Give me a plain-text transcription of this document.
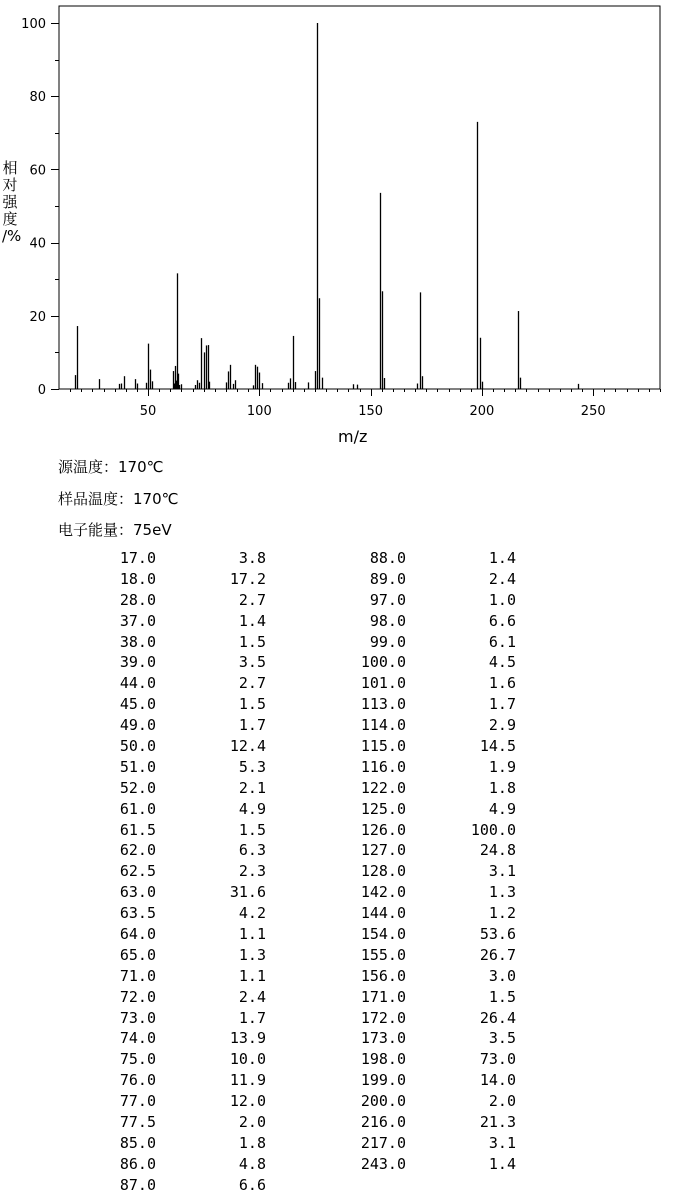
0
20
40
60
80
100
50	100	150	200	250
相
对
强
度
/%
m/z
源温度：170℃
样品温度：170℃
电子能量：75eV
17.0	3.8
18.0	17.2
28.0	2.7
37.0	1.4
38.0	1.5
39.0	3.5
44.0	2.7
45.0	1.5
49.0	1.7
50.0	12.4
51.0	5.3
52.0	2.1
61.0	4.9
61.5	1.5
62.0	6.3
62.5	2.3
63.0	31.6
63.5	4.2
64.0	1.1
65.0	1.3
71.0	1.1
72.0	2.4
73.0	1.7
74.0	13.9
75.0	10.0
76.0	11.9
77.0	12.0
77.5	2.0
85.0	1.8
86.0	4.8
87.0	6.6
88.0	1.4
89.0	2.4
97.0	1.0
98.0	6.6
99.0	6.1
100.0	4.5
101.0	1.6
113.0	1.7
114.0	2.9
115.0	14.5
116.0	1.9
122.0	1.8
125.0	4.9
126.0	100.0
127.0	24.8
128.0	3.1
142.0	1.3
144.0	1.2
154.0	53.6
155.0	26.7
156.0	3.0
171.0	1.5
172.0	26.4
173.0	3.5
198.0	73.0
199.0	14.0
200.0	2.0
216.0	21.3
217.0	3.1
243.0	1.4
